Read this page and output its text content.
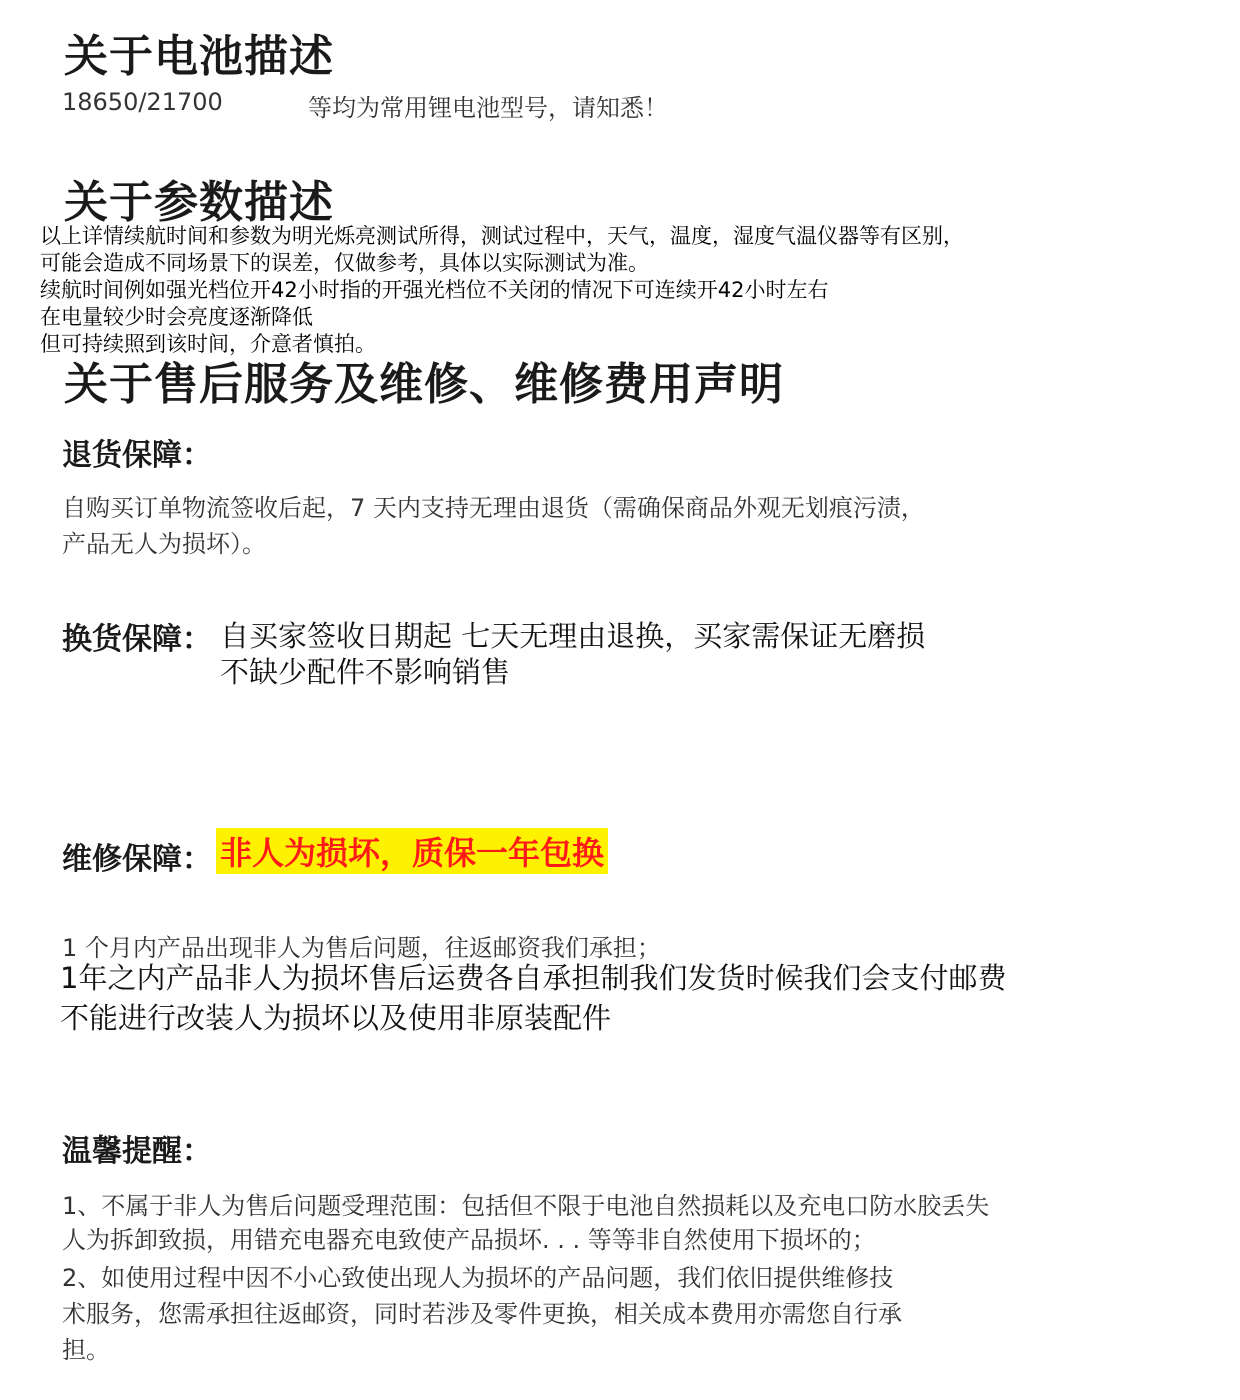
关于电池描述
18650/21700	等均为常用锂电池型号，请知悉！
关于参数描述
以上详情续航时间和参数为明光烁亮测试所得，测试过程中，天气，温度，湿度气温仪器等有区别，
可能会造成不同场景下的误差，仅做参考，具体以实际测试为准。
续航时间例如强光档位开42小时指的开强光档位不关闭的情况下可连续开42小时左右
在电量较少时会亮度逐渐降低
但可持续照到该时间，介意者慎拍。
关于售后服务及维修、维修费用声明
退货保障：
自购买订单物流签收后起，7 天内支持无理由退货（需确保商品外观无划痕污渍，
产品无人为损坏）。
换货保障： 自买家签收日期起 七天无理由退换，买家需保证无磨损
不缺少配件不影响销售
维修保障： 非人为损坏，质保一年包换
1 个月内产品出现非人为售后问题，往返邮资我们承担；
1年之内产品非人为损坏售后运费各自承担制我们发货时候我们会支付邮费
不能进行改装人为损坏以及使用非原装配件
温馨提醒：
1、不属于非人为售后问题受理范围：包括但不限于电池自然损耗以及充电口防水胶丢失
人为拆卸致损，用错充电器充电致使产品损坏. . . 等等非自然使用下损坏的；
2、如使用过程中因不小心致使出现人为损坏的产品问题，我们依旧提供维修技
术服务，您需承担往返邮资，同时若涉及零件更换，相关成本费用亦需您自行承
担。
